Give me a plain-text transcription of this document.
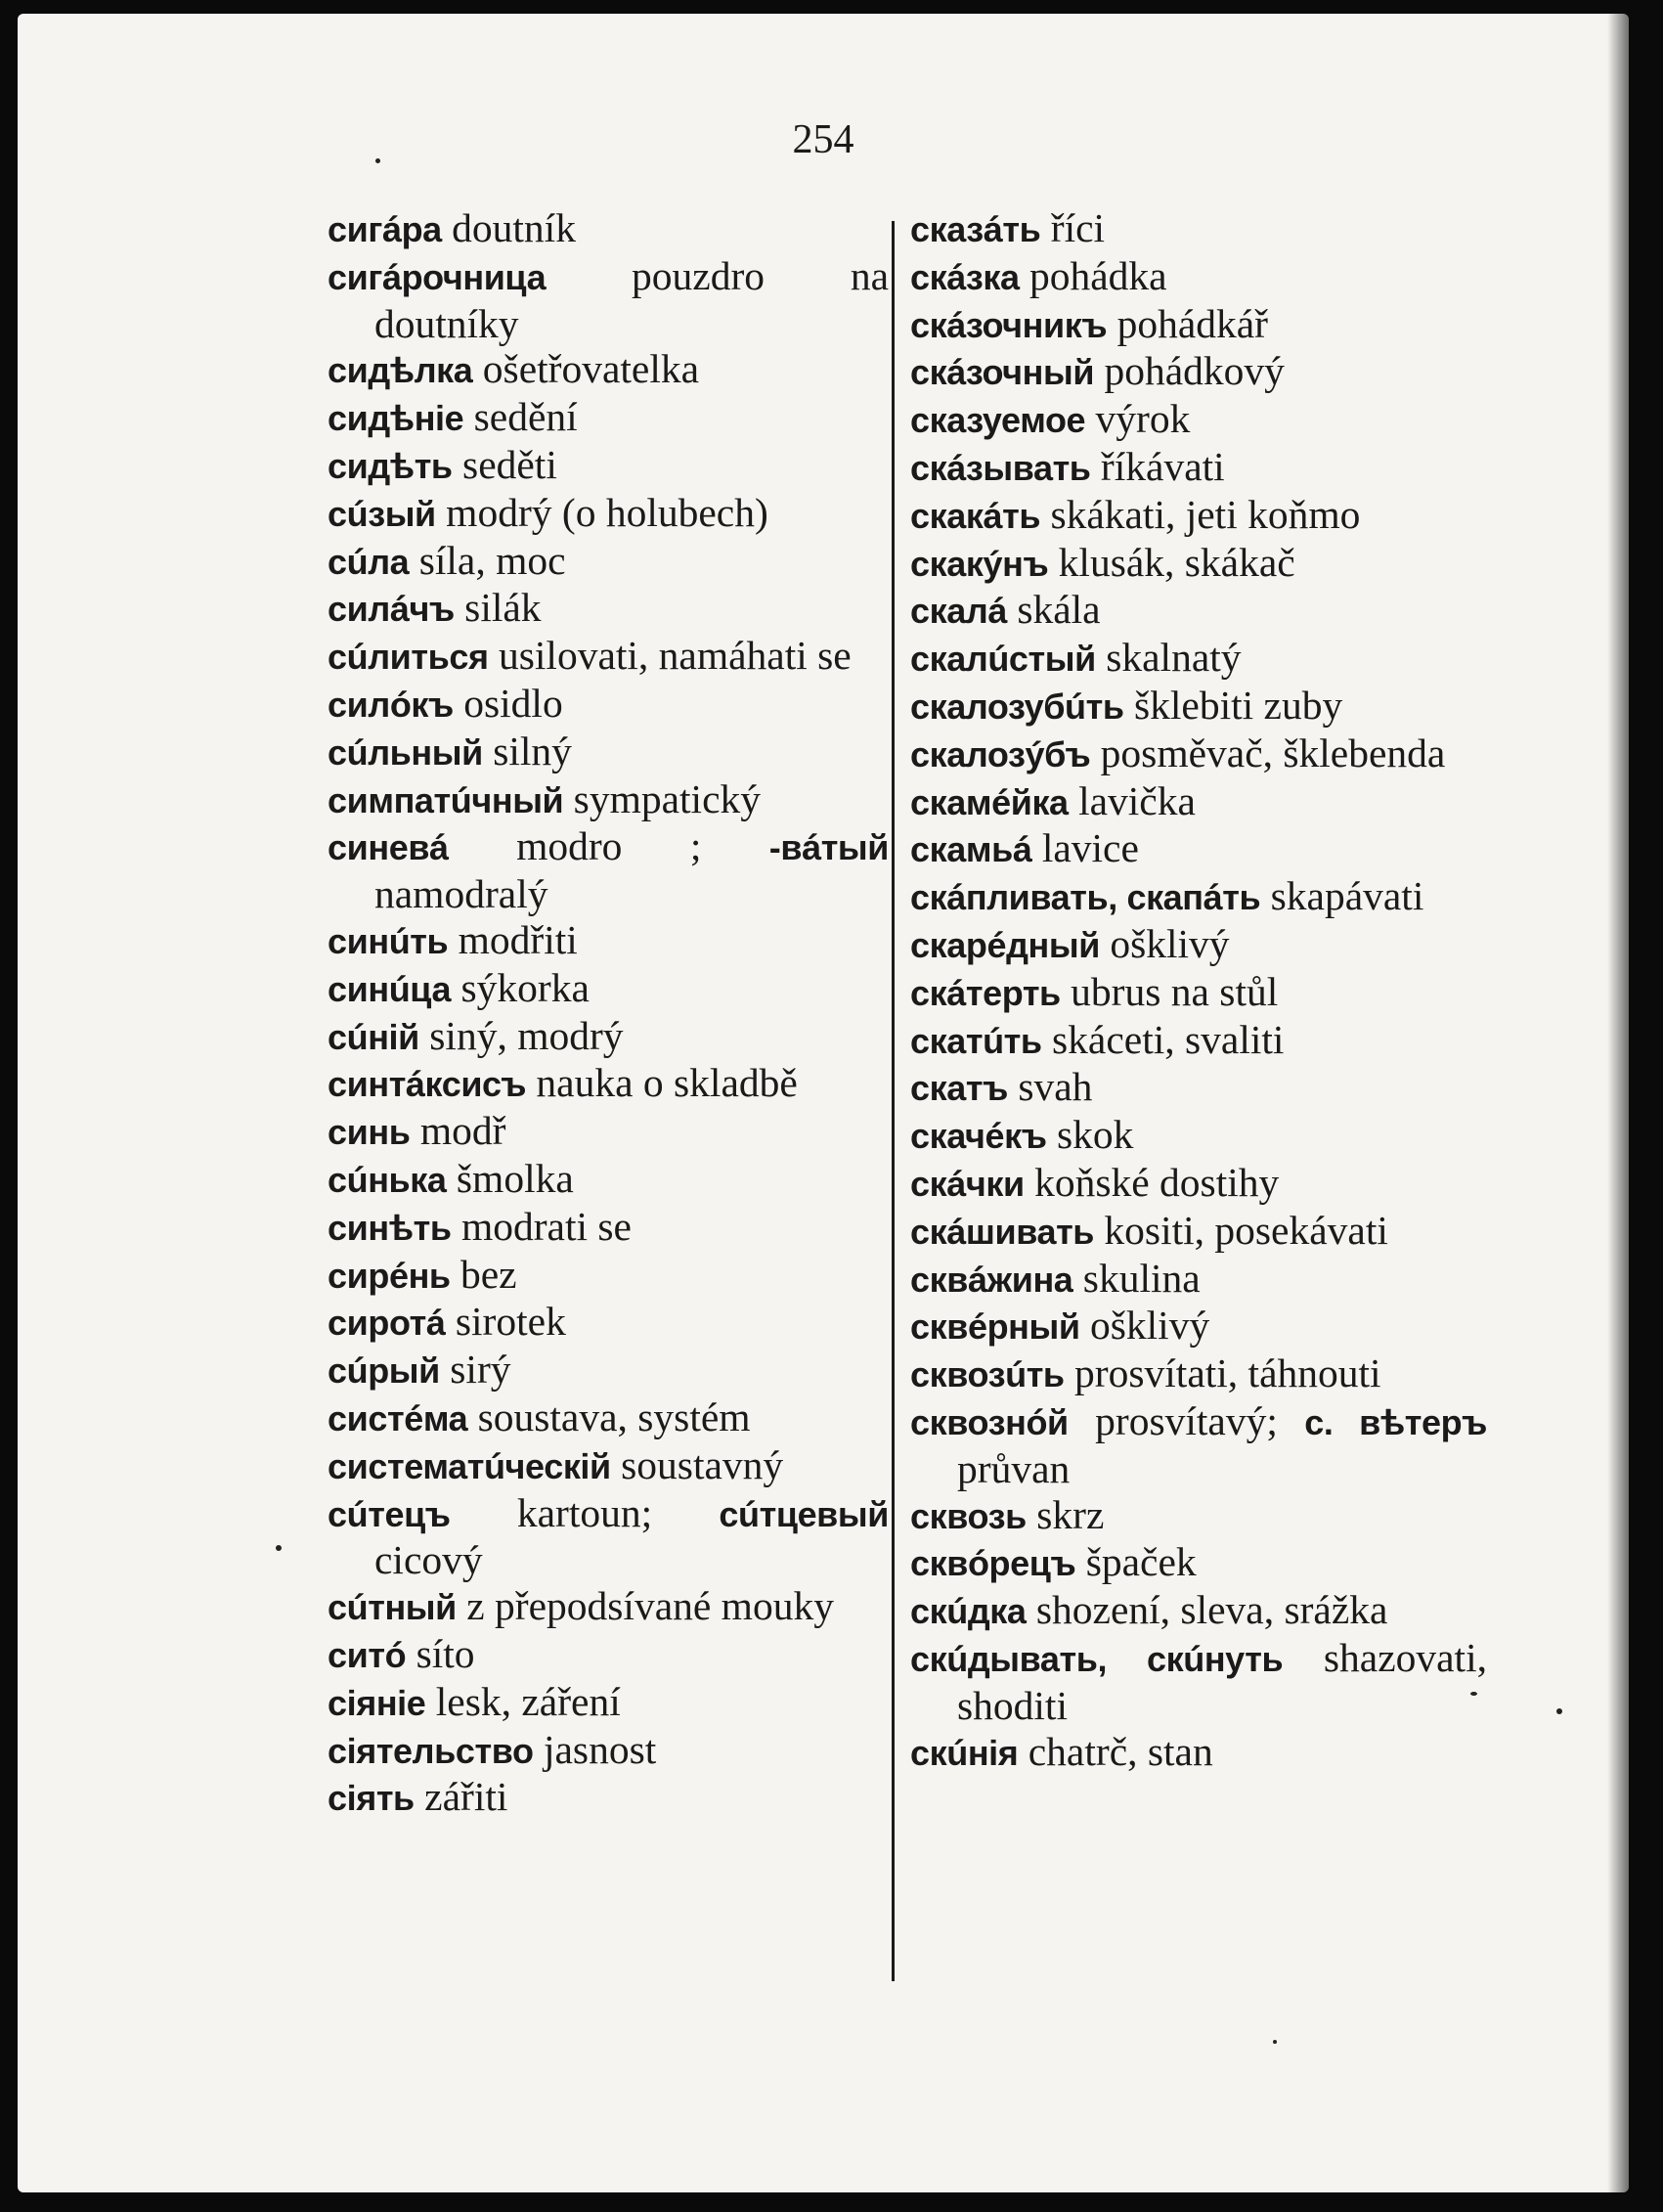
254
сигáра doutník
сигáрочница pouzdro na doutníky
сидѣлка ošetřovatelka
сидѣніе sedění
сидѣть seděti
сúзый modrý (o holubech)
сúла síla, moc
силáчъ silák
сúлиться usilovati, namáhati se
силóкъ osidlo
сúльный silný
симпатúчный sympatický
синевá modro ; -вáтый namodralý
синúть modřiti
синúца sýkorka
сúній siný, modrý
синтáксисъ nauka o skladbě
синь modř
сúнька šmolka
синѣть modrati se
сирéнь bez
сиротá sirotek
сúрый sirý
систéма soustava, systém
систематúческій soustavný
сúтецъ kartoun; сúтцевый cicový
сúтный z přepodsívané mouky
ситó síto
сіяніе lesk, záření
сіятельство jasnost
сіять zářiti
сказáть říci
скáзка pohádka
скáзочникъ pohádkář
скáзочный pohádkový
сказуемое výrok
скáзывать říkávati
скакáть skákati, jeti koňmo
скакýнъ klusák, skákač
скалá skála
скалúстый skalnatý
скалозубúть šklebiti zuby
скалозýбъ posměvač, šklebenda
скамéйка lavička
скамьá lavice
скáпливать, скапáть skapávati
скарéдный ošklivý
скáтерть ubrus na stůl
скатúть skáceti, svaliti
скатъ svah
скачéкъ skok
скáчки koňské dostihy
скáшивать kositi, posekávati
сквáжина skulina
сквéрный ošklivý
сквозúть prosvítati, táhnouti
сквознóй prosvítavý; с. вѣтеръ průvan
сквозь skrz
сквóрецъ špaček
скúдка shození, sleva, srážka
скúдывать, скúнуть shazovati, shoditi
скúнія chatrč, stan
